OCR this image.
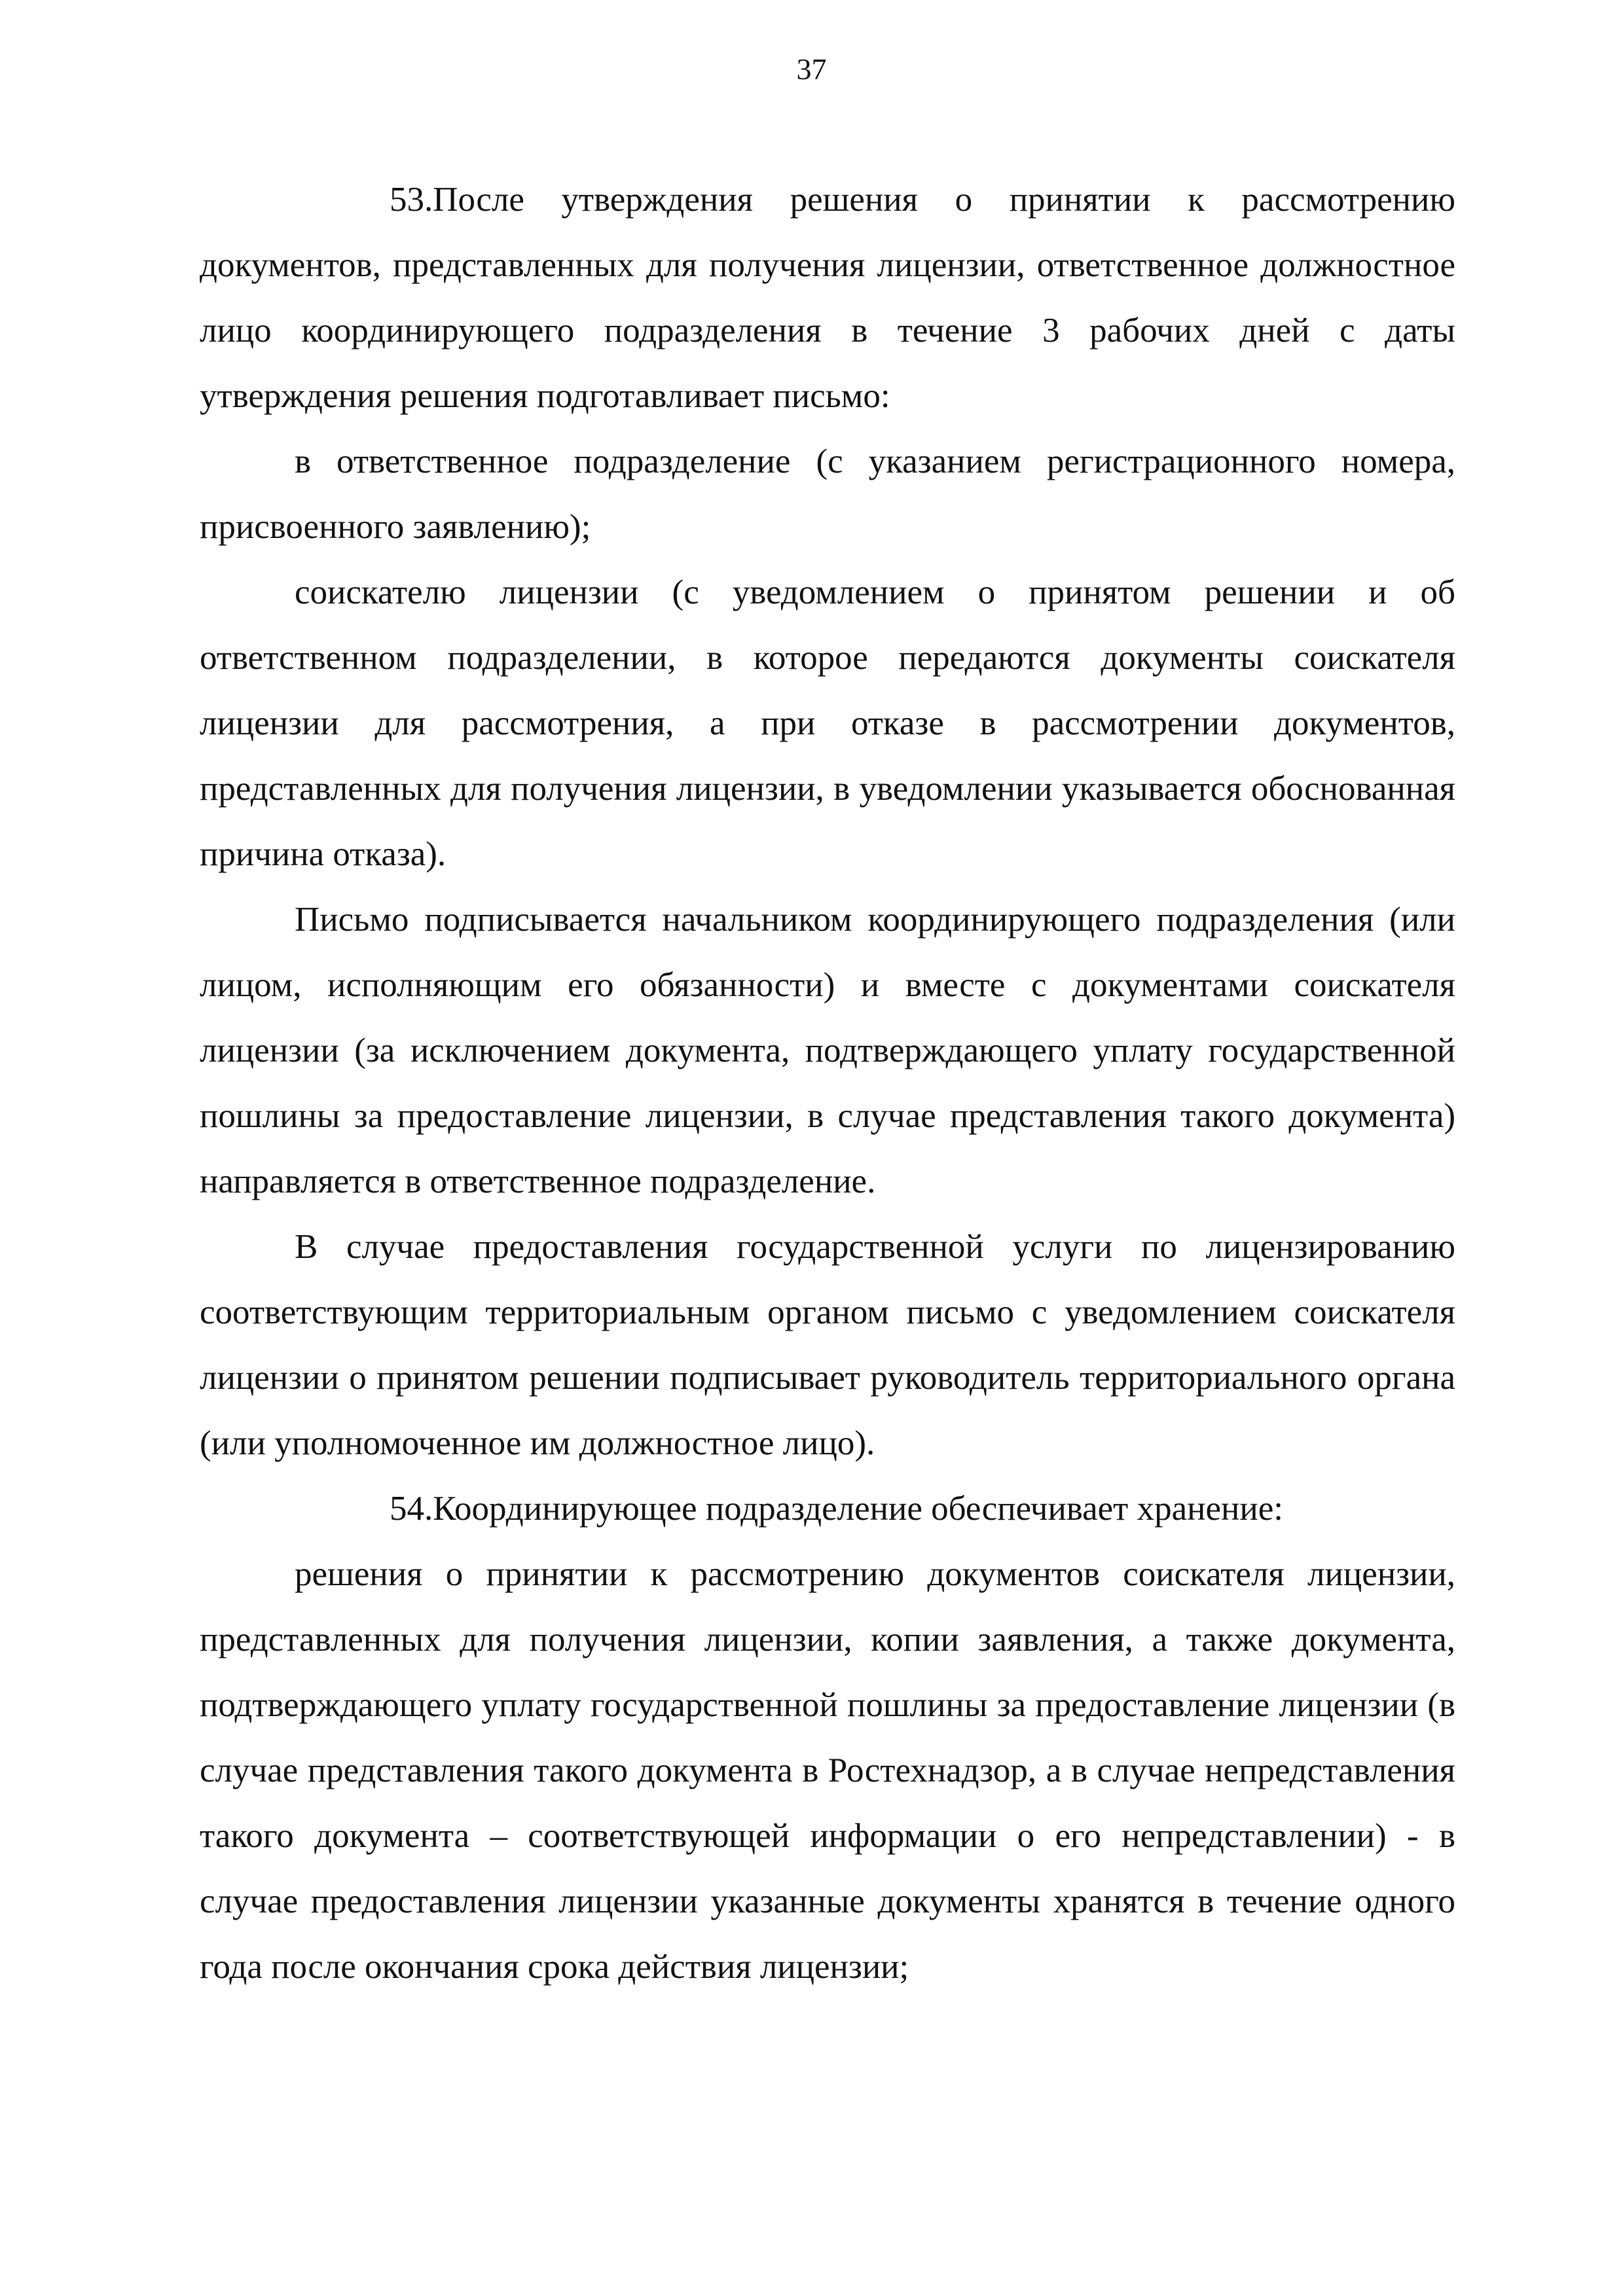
37

53.После утверждения решения о принятии к рассмотрению документов, представленных для получения лицензии, ответственное должностное лицо координирующего подразделения в течение 3 рабочих дней с даты утверждения решения подготавливает письмо:

в ответственное подразделение (с указанием регистрационного номера, присвоенного заявлению);

соискателю лицензии (с уведомлением о принятом решении и об ответственном подразделении, в которое передаются документы соискателя лицензии для рассмотрения, а при отказе в рассмотрении документов, представленных для получения лицензии, в уведомлении указывается обоснованная причина отказа).

Письмо подписывается начальником координирующего подразделения (или лицом, исполняющим его обязанности) и вместе с документами соискателя лицензии (за исключением документа, подтверждающего уплату государственной пошлины за предоставление лицензии, в случае представления такого документа) направляется в ответственное подразделение.

В случае предоставления государственной услуги по лицензированию соответствующим территориальным органом письмо с уведомлением соискателя лицензии о принятом решении подписывает руководитель территориального органа (или уполномоченное им должностное лицо).

54.Координирующее подразделение обеспечивает хранение:

решения о принятии к рассмотрению документов соискателя лицензии, представленных для получения лицензии, копии заявления, а также документа, подтверждающего уплату государственной пошлины за предоставление лицензии (в случае представления такого документа в Ростехнадзор, а в случае непредставления такого документа – соответствующей информации о его непредставлении) - в случае предоставления лицензии указанные документы хранятся в течение одного года после окончания срока действия лицензии;
